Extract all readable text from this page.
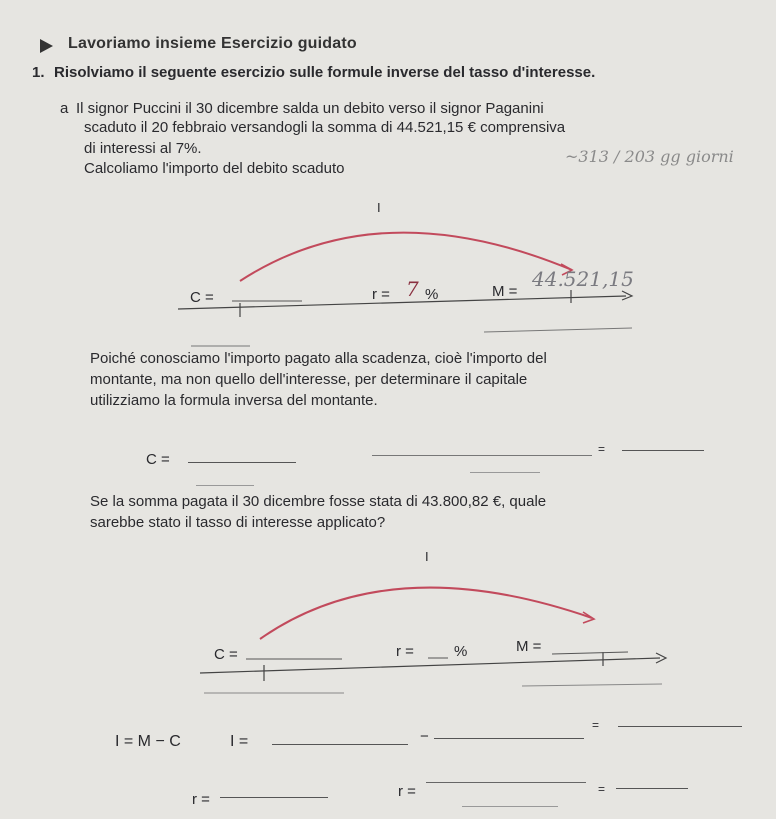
Lavoriamo insieme Esercizio guidato
1. Risolviamo il seguente esercizio sulle formule inverse del tasso d'interesse.
a Il signor Puccini il 30 dicembre salda un debito verso il signor Paganini
scaduto il 20 febbraio versandogli la somma di 44.521,15 € comprensiva
di interessi al 7%.
Calcoliamo l'importo del debito scaduto
~313 / 203 gg giorni
I
C =	r = 7 %	M =
44.521,15
Poiché conosciamo l'importo pagato alla scadenza, cioè l'importo del
montante, ma non quello dell'interesse, per determinare il capitale
utilizziamo la formula inversa del montante.
C =
=
Se la somma pagata il 30 dicembre fosse stata di 43.800,82 €, quale
sarebbe stato il tasso di interesse applicato?
I
C =	r =	%	M =
I = M − C	I =	−
=
r =	r =	=
